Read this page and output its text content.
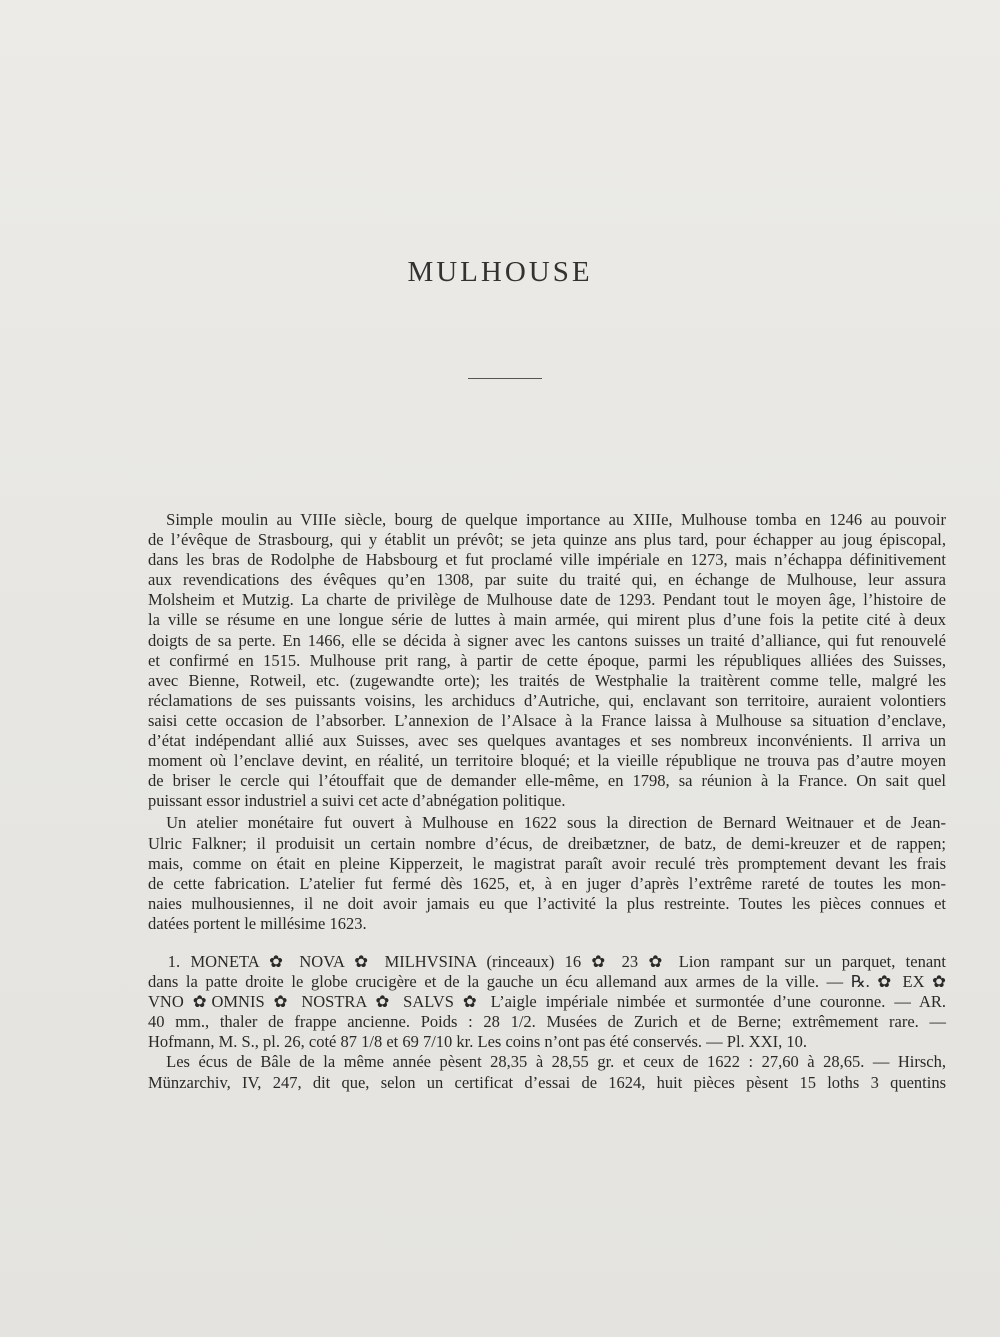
MULHOUSE

Simple moulin au VIIIe siècle, bourg de quelque importance au XIIIe, Mulhouse tomba en 1246 au pouvoir
de l’évêque de Strasbourg, qui y établit un prévôt; se jeta quinze ans plus tard, pour échapper au joug épiscopal,
dans les bras de Rodolphe de Habsbourg et fut proclamé ville impériale en 1273, mais n’échappa définitivement
aux revendications des évêques qu’en 1308, par suite du traité qui, en échange de Mulhouse, leur assura
Molsheim et Mutzig. La charte de privilège de Mulhouse date de 1293. Pendant tout le moyen âge, l’histoire de
la ville se résume en une longue série de luttes à main armée, qui mirent plus d’une fois la petite cité à deux
doigts de sa perte. En 1466, elle se décida à signer avec les cantons suisses un traité d’alliance, qui fut renouvelé
et confirmé en 1515. Mulhouse prit rang, à partir de cette époque, parmi les républiques alliées des Suisses,
avec Bienne, Rotweil, etc. (zugewandte orte); les traités de Westphalie la traitèrent comme telle, malgré les
réclamations de ses puissants voisins, les archiducs d’Autriche, qui, enclavant son territoire, auraient volontiers
saisi cette occasion de l’absorber. L’annexion de l’Alsace à la France laissa à Mulhouse sa situation d’enclave,
d’état indépendant allié aux Suisses, avec ses quelques avantages et ses nombreux inconvénients. Il arriva un
moment où l’enclave devint, en réalité, un territoire bloqué; et la vieille république ne trouva pas d’autre moyen
de briser le cercle qui l’étouffait que de demander elle-même, en 1798, sa réunion à la France. On sait quel
puissant essor industriel a suivi cet acte d’abnégation politique.

Un atelier monétaire fut ouvert à Mulhouse en 1622 sous la direction de Bernard Weitnauer et de Jean-
Ulric Falkner; il produisit un certain nombre d’écus, de dreibætzner, de batz, de demi-kreuzer et de rappen;
mais, comme on était en pleine Kipperzeit, le magistrat paraît avoir reculé très promptement devant les frais
de cette fabrication. L’atelier fut fermé dès 1625, et, à en juger d’après l’extrême rareté de toutes les mon-
naies mulhousiennes, il ne doit avoir jamais eu que l’activité la plus restreinte. Toutes les pièces connues et
datées portent le millésime 1623.

1. MONETA ✿ NOVA ✿ MILHVSINA (rinceaux) 16 ✿ 23 ✿ Lion rampant sur un parquet, tenant
dans la patte droite le globe crucigère et de la gauche un écu allemand aux armes de la ville. — ℞. ✿ EX ✿
VNO ✿OMNIS ✿ NOSTRA ✿ SALVS ✿ L’aigle impériale nimbée et surmontée d’une couronne. — AR.
40 mm., thaler de frappe ancienne. Poids : 28 1/2. Musées de Zurich et de Berne; extrêmement rare. —
Hofmann, M. S., pl. 26, coté 87 1/8 et 69 7/10 kr. Les coins n’ont pas été conservés. — Pl. XXI, 10.

Les écus de Bâle de la même année pèsent 28,35 à 28,55 gr. et ceux de 1622 : 27,60 à 28,65. — Hirsch,
Münzarchiv, IV, 247, dit que, selon un certificat d’essai de 1624, huit pièces pèsent 15 loths 3 quentins
